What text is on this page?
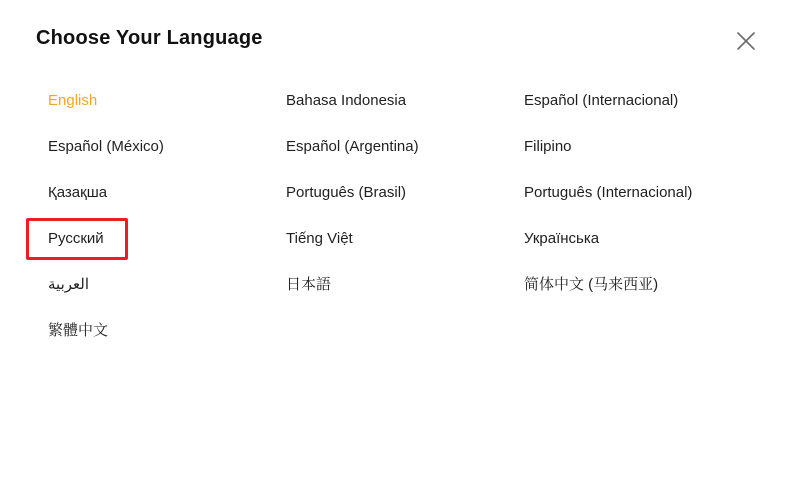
Choose Your Language
English
Español (México)
Қазақша
Русский
العربية
繁體中文
Bahasa Indonesia
Español (Argentina)
Português (Brasil)
Tiếng Việt
日本語
Español (Internacional)
Filipino
Português (Internacional)
Українська
简体中文 (马来西亚)
